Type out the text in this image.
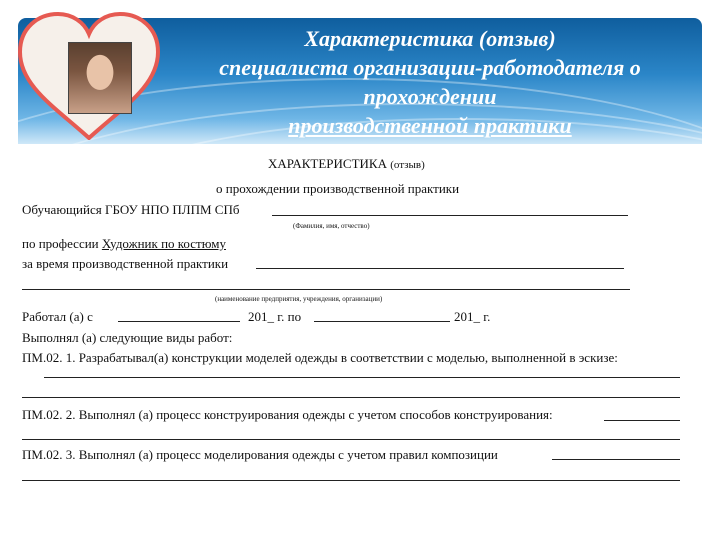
Характеристика (отзыв)
специалиста организации-работодателя о
прохождении
производственной практики
ХАРАКТЕРИСТИКА (отзыв)
о прохождении производственной практики
Обучающийся ГБОУ НПО ПЛПМ СПб
(Фамилия, имя, отчество)
по профессии Художник по костюму
за время производственной практики
(наименование предприятия, учреждения, организации)
Работал (а) с	201_ г. по	201_ г.
Выполнял (а) следующие виды работ:
ПМ.02. 1. Разрабатывал(а) конструкции моделей одежды в соответствии с моделью, выполненной в эскизе:
ПМ.02. 2. Выполнял (а) процесс конструирования одежды с учетом способов конструирования:
ПМ.02. 3. Выполнял (а) процесс моделирования одежды с учетом правил композиции
